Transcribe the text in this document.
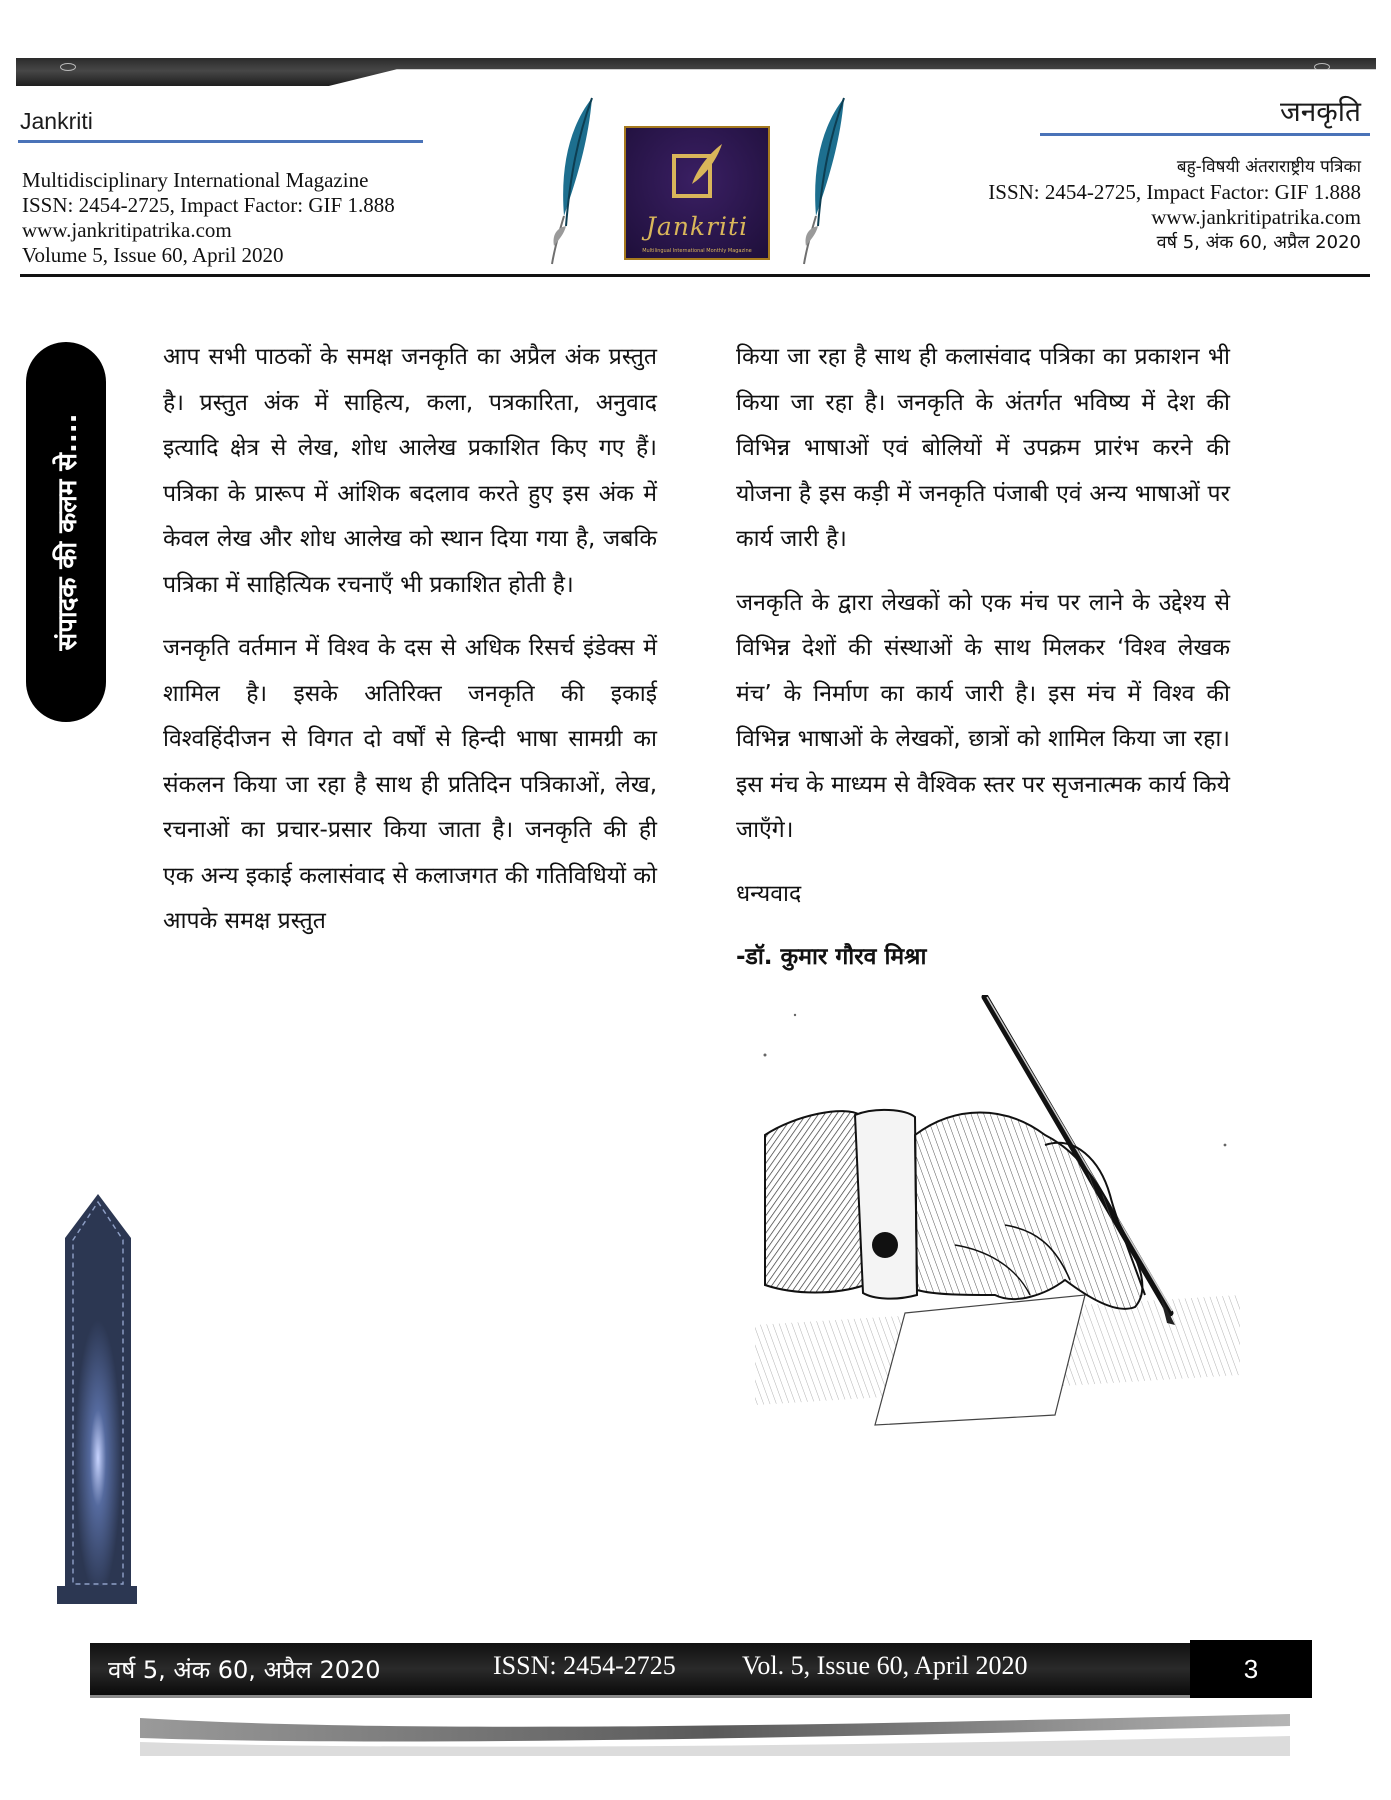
Jankriti	जनकृति
Multidisciplinary International Magazine
ISSN: 2454-2725, Impact Factor: GIF 1.888
www.jankritipatrika.com
Volume 5, Issue 60, April 2020
बहु-विषयी अंतराराष्ट्रीय पत्रिका
ISSN: 2454-2725, Impact Factor: GIF 1.888
www.jankritipatrika.com
वर्ष 5, अंक 60, अप्रैल 2020
Jankriti
Multilingual International Monthly Magazine
संपादक की कलम से....

आप सभी पाठकों के समक्ष जनकृति का अप्रैल अंक प्रस्तुत है। प्रस्तुत अंक में साहित्य, कला, पत्रकारिता, अनुवाद इत्यादि क्षेत्र से लेख, शोध आलेख प्रकाशित किए गए हैं। पत्रिका के प्रारूप में आंशिक बदलाव करते हुए इस अंक में केवल लेख और शोध आलेख को स्थान दिया गया है, जबकि पत्रिका में साहित्यिक रचनाएँ भी प्रकाशित होती है।

जनकृति वर्तमान में विश्व के दस से अधिक रिसर्च इंडेक्स में शामिल है। इसके अतिरिक्त जनकृति की इकाई विश्वहिंदीजन से विगत दो वर्षों से हिन्दी भाषा सामग्री का संकलन किया जा रहा है साथ ही प्रतिदिन पत्रिकाओं, लेख, रचनाओं का प्रचार-प्रसार किया जाता है। जनकृति की ही एक अन्य इकाई कलासंवाद से कलाजगत की गतिविधियों को आपके समक्ष प्रस्तुत

किया जा रहा है साथ ही कलासंवाद पत्रिका का प्रकाशन भी किया जा रहा है। जनकृति के अंतर्गत भविष्य में देश की विभिन्न भाषाओं एवं बोलियों में उपक्रम प्रारंभ करने की योजना है इस कड़ी में जनकृति पंजाबी एवं अन्य भाषाओं पर कार्य जारी है।

जनकृति के द्वारा लेखकों को एक मंच पर लाने के उद्देश्य से विभिन्न देशों की संस्थाओं के साथ मिलकर ‘विश्व लेखक मंच’ के निर्माण का कार्य जारी है। इस मंच में विश्व की विभिन्न भाषाओं के लेखकों, छात्रों को शामिल किया जा रहा। इस मंच के माध्यम से वैश्विक स्तर पर सृजनात्मक कार्य किये जाएँगे।

धन्यवाद

-डॉ. कुमार गौरव मिश्रा

वर्ष 5, अंक 60, अप्रैल 2020	ISSN: 2454-2725	Vol. 5, Issue 60, April 2020	3
